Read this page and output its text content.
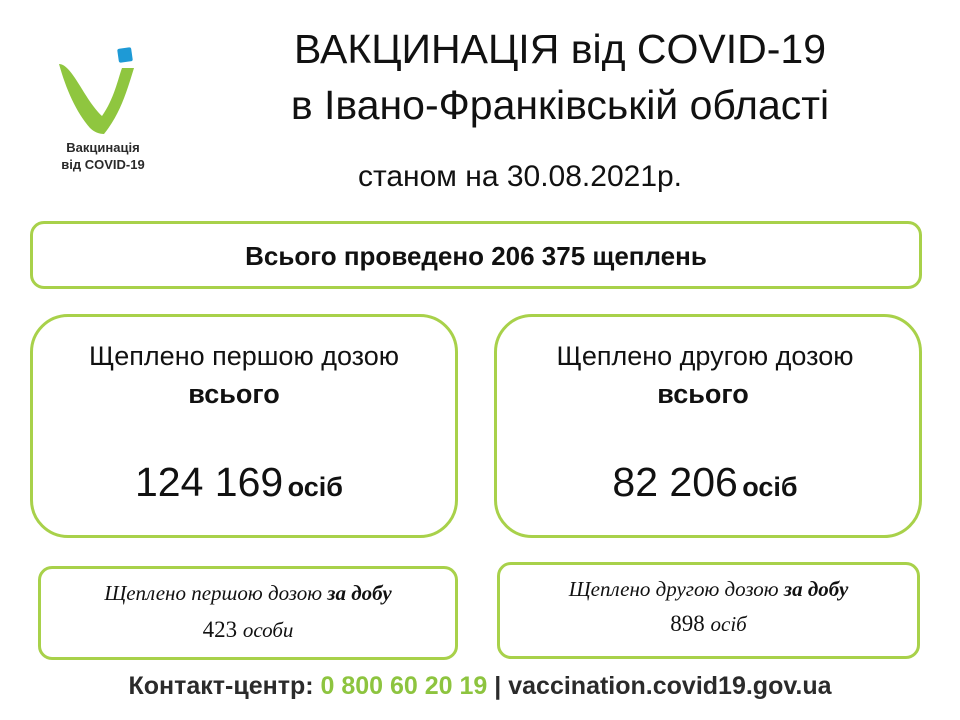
Вакцинація
від COVID-19
ВАКЦИНАЦІЯ від COVID-19
в Івано-Франківській області
станом на 30.08.2021р.
Всього проведено 206 375 щеплень
Щеплено першою дозою
всього
124 169 осіб
Щеплено другою дозою
всього
82 206 осіб
Щеплено першою дозою за добу
423 особи
Щеплено другою дозою за добу
898 осіб
Контакт-центр: 0 800 60 20 19 | vaccination.covid19.gov.ua
